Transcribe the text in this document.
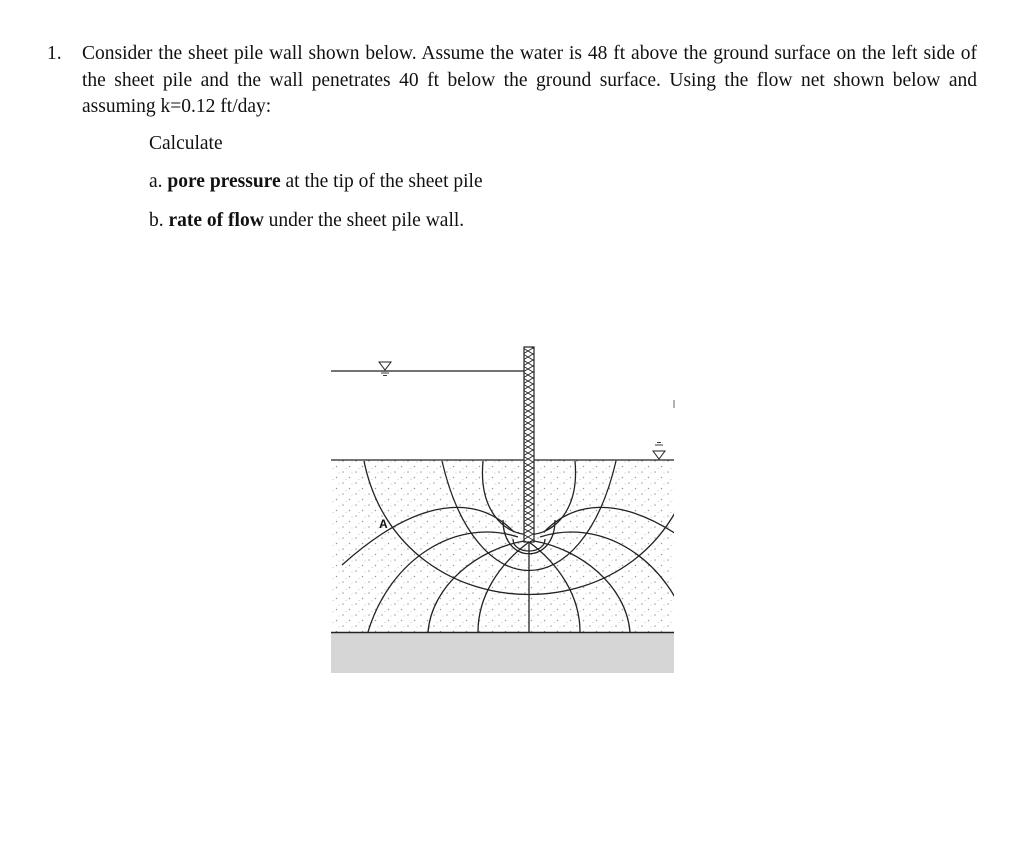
1. Consider the sheet pile wall shown below. Assume the water is 48 ft above the ground surface on the left side of the sheet pile and the wall penetrates 40 ft below the ground surface. Using the flow net shown below and assuming k=0.12 ft/day:
Calculate
a. pore pressure at the tip of the sheet pile
b. rate of flow under the sheet pile wall.
A
